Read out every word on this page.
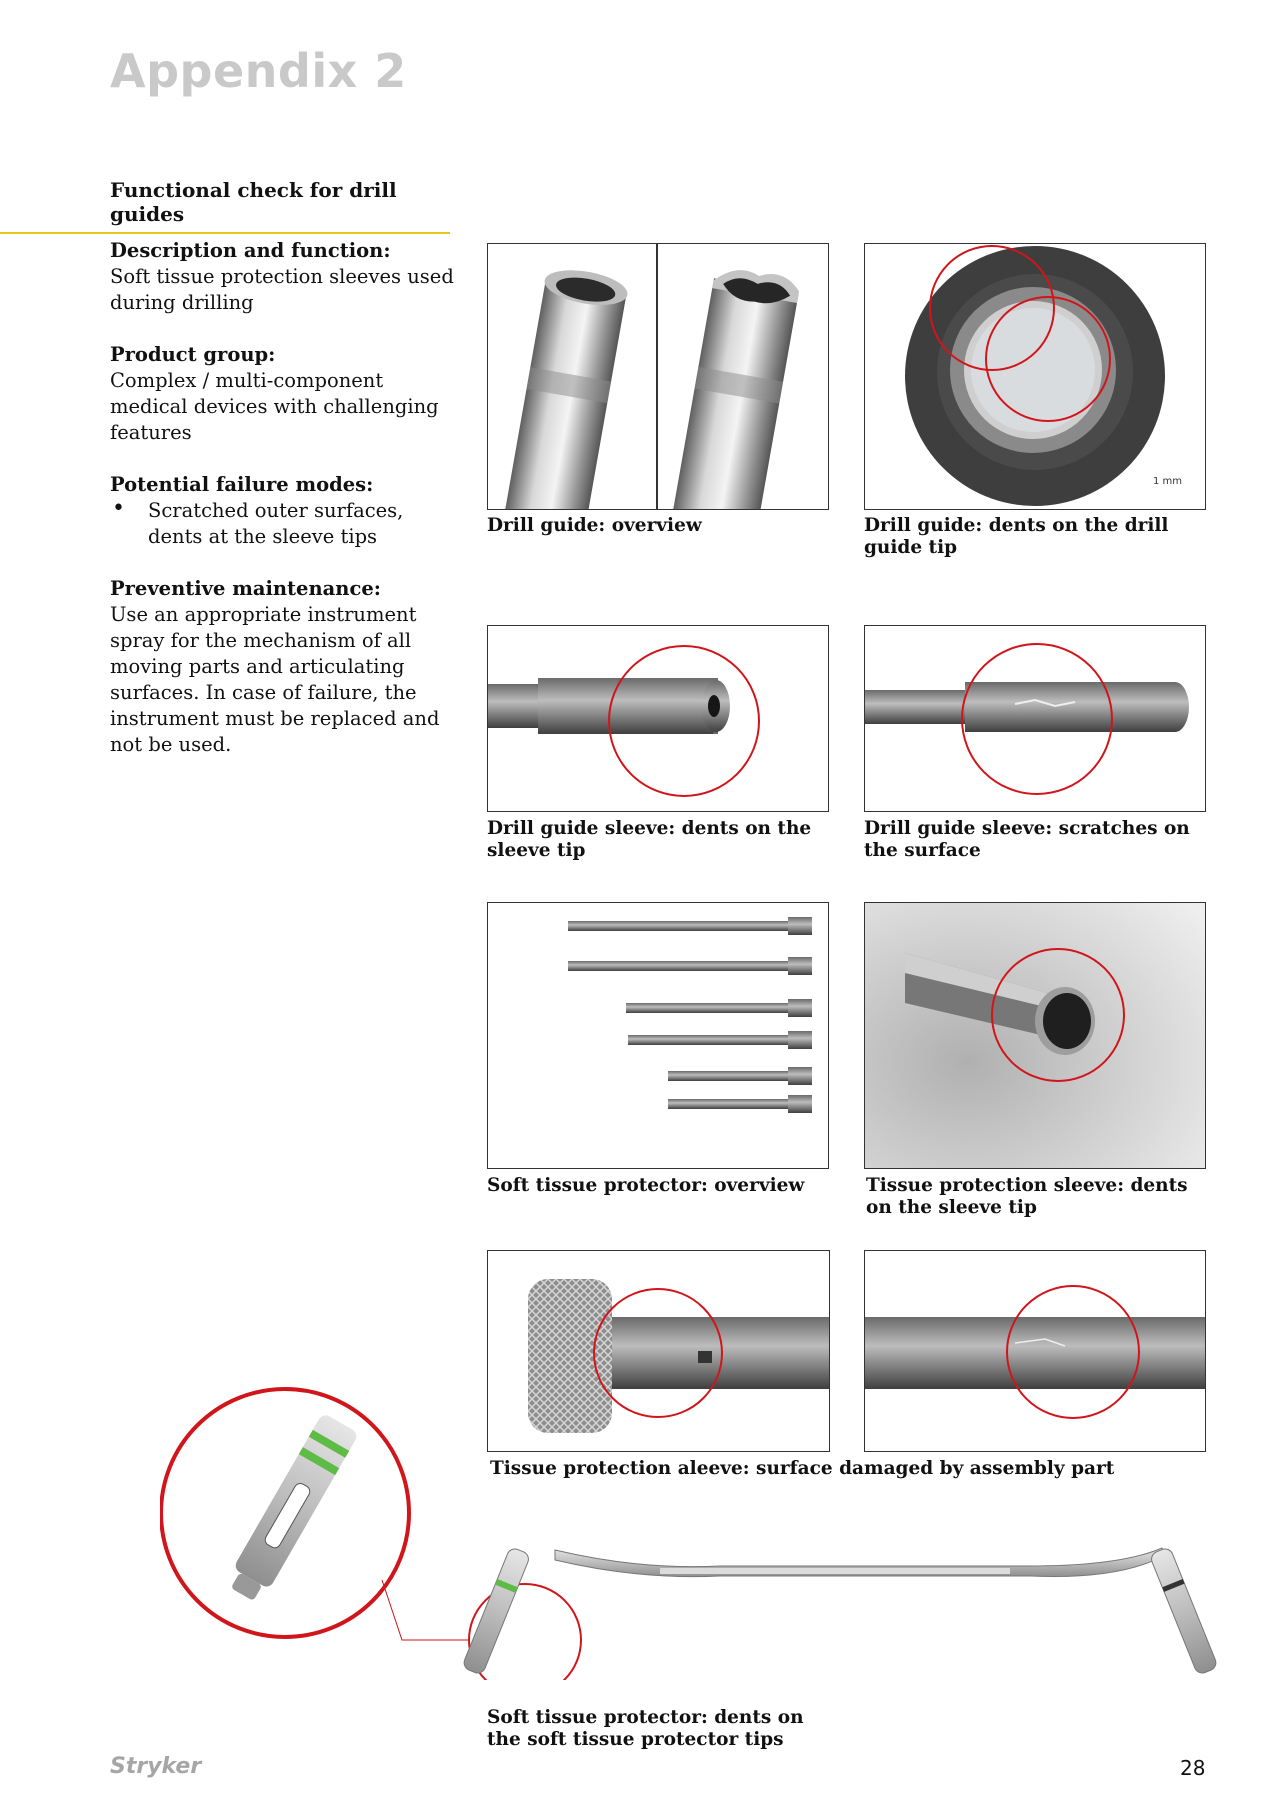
Appendix 2
Functional check for drill guides
Description and function:

Soft tissue protection sleeves used during drilling

Product group:

Complex / multi-component medical devices with challenging features

Potential failure modes:
• Scratched outer surfaces, dents at the sleeve tips
Preventive maintenance:

Use an appropriate instrument spray for the mechanism of all moving parts and articulating surfaces. In case of failure, the instrument must be replaced and not be used.

1 mm
Drill guide: overview	Drill guide: dents on the drill guide tip
Drill guide sleeve: dents on the sleeve tip
Drill guide sleeve: scratches on the surface
Soft tissue protector: overview	Tissue protection sleeve: dents on the sleeve tip
Tissue protection aleeve: surface damaged by assembly part
Soft tissue protector: dents on the soft tissue protector tips
Stryker	28
